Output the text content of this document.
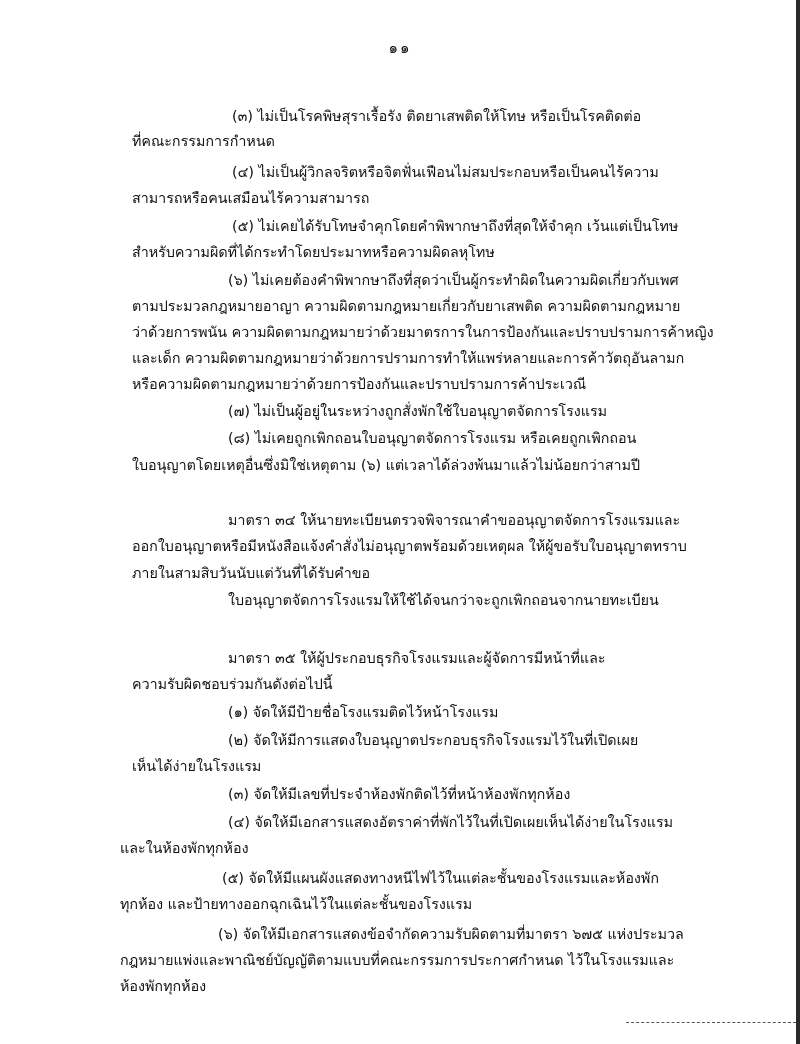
๑๑
(๓) ไม่เป็นโรคพิษสุราเรื้อรัง ติดยาเสพติดให้โทษ หรือเป็นโรคติดต่อ
ที่คณะกรรมการกำหนด
(๔) ไม่เป็นผู้วิกลจริตหรือจิตฟั่นเฟือนไม่สมประกอบหรือเป็นคนไร้ความ
สามารถหรือคนเสมือนไร้ความสามารถ
(๕) ไม่เคยได้รับโทษจำคุกโดยคำพิพากษาถึงที่สุดให้จำคุก เว้นแต่เป็นโทษ
สำหรับความผิดที่ได้กระทำโดยประมาทหรือความผิดลหุโทษ
(๖) ไม่เคยต้องคำพิพากษาถึงที่สุดว่าเป็นผู้กระทำผิดในความผิดเกี่ยวกับเพศ
ตามประมวลกฎหมายอาญา ความผิดตามกฎหมายเกี่ยวกับยาเสพติด ความผิดตามกฎหมาย
ว่าด้วยการพนัน ความผิดตามกฎหมายว่าด้วยมาตรการในการป้องกันและปราบปรามการค้าหญิง
และเด็ก ความผิดตามกฎหมายว่าด้วยการปรามการทำให้แพร่หลายและการค้าวัตถุอันลามก
หรือความผิดตามกฎหมายว่าด้วยการป้องกันและปราบปรามการค้าประเวณี
(๗) ไม่เป็นผู้อยู่ในระหว่างถูกสั่งพักใช้ใบอนุญาตจัดการโรงแรม
(๘) ไม่เคยถูกเพิกถอนใบอนุญาตจัดการโรงแรม หรือเคยถูกเพิกถอน
ใบอนุญาตโดยเหตุอื่นซึ่งมิใช่เหตุตาม (๖) แต่เวลาได้ล่วงพ้นมาแล้วไม่น้อยกว่าสามปี
มาตรา ๓๔ ให้นายทะเบียนตรวจพิจารณาคำขออนุญาตจัดการโรงแรมและ
ออกใบอนุญาตหรือมีหนังสือแจ้งคำสั่งไม่อนุญาตพร้อมด้วยเหตุผล ให้ผู้ขอรับใบอนุญาตทราบ
ภายในสามสิบวันนับแต่วันที่ได้รับคำขอ
ใบอนุญาตจัดการโรงแรมให้ใช้ได้จนกว่าจะถูกเพิกถอนจากนายทะเบียน
มาตรา ๓๕ ให้ผู้ประกอบธุรกิจโรงแรมและผู้จัดการมีหน้าที่และ
ความรับผิดชอบร่วมกันดังต่อไปนี้
(๑) จัดให้มีป้ายชื่อโรงแรมติดไว้หน้าโรงแรม
(๒) จัดให้มีการแสดงใบอนุญาตประกอบธุรกิจโรงแรมไว้ในที่เปิดเผย
เห็นได้ง่ายในโรงแรม
(๓) จัดให้มีเลขที่ประจำห้องพักติดไว้ที่หน้าห้องพักทุกห้อง
(๔) จัดให้มีเอกสารแสดงอัตราค่าที่พักไว้ในที่เปิดเผยเห็นได้ง่ายในโรงแรม
และในห้องพักทุกห้อง
(๕) จัดให้มีแผนผังแสดงทางหนีไฟไว้ในแต่ละชั้นของโรงแรมและห้องพัก
ทุกห้อง และป้ายทางออกฉุกเฉินไว้ในแต่ละชั้นของโรงแรม
(๖) จัดให้มีเอกสารแสดงข้อจำกัดความรับผิดตามที่มาตรา ๖๗๕ แห่งประมวล
กฎหมายแพ่งและพาณิชย์บัญญัติตามแบบที่คณะกรรมการประกาศกำหนด ไว้ในโรงแรมและ
ห้องพักทุกห้อง
